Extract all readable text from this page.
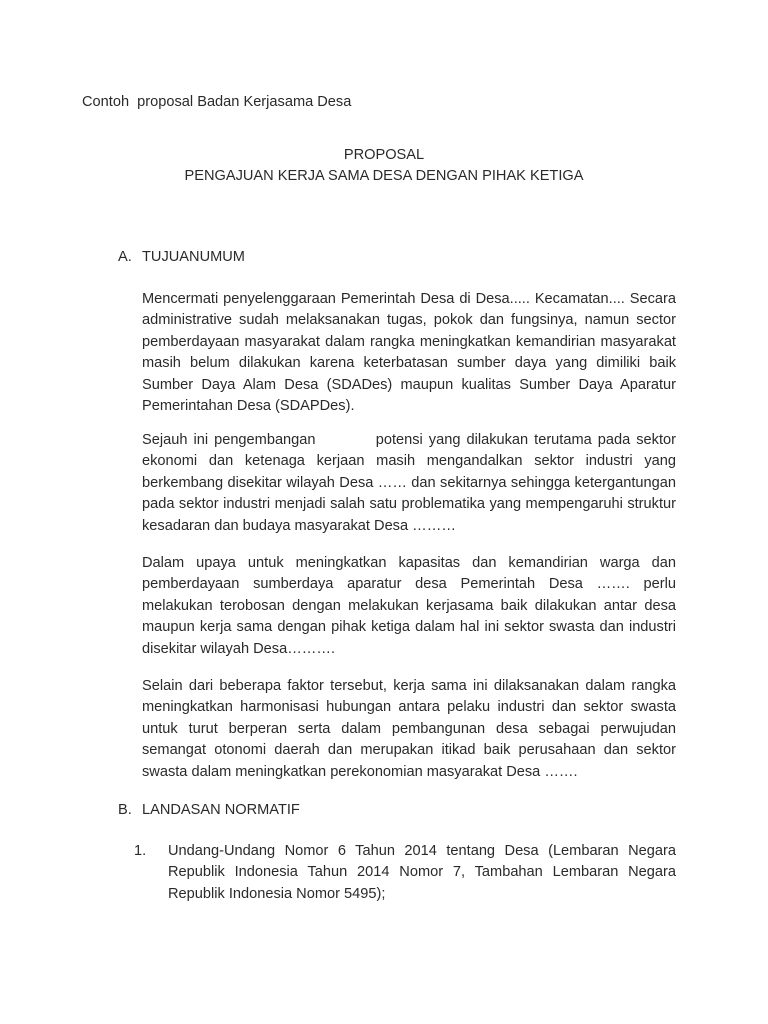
Contoh  proposal Badan Kerjasama Desa
PROPOSAL
PENGAJUAN KERJA SAMA DESA DENGAN PIHAK KETIGA
A. TUJUANUMUM
Mencermati penyelenggaraan Pemerintah Desa di Desa..... Kecamatan.... Secara administrative sudah melaksanakan tugas, pokok dan fungsinya, namun sector pemberdayaan masyarakat dalam rangka meningkatkan kemandirian masyarakat masih belum dilakukan karena keterbatasan sumber daya yang dimiliki baik Sumber Daya Alam Desa (SDADes) maupun kualitas Sumber Daya Aparatur Pemerintahan Desa (SDAPDes).
Sejauh ini pengembangan          potensi yang dilakukan terutama pada sektor ekonomi dan ketenaga kerjaan masih mengandalkan sektor industri yang berkembang disekitar wilayah Desa …… dan sekitarnya sehingga ketergantungan pada sektor industri menjadi salah satu problematika yang mempengaruhi struktur kesadaran dan budaya masyarakat Desa ………
Dalam upaya untuk meningkatkan kapasitas dan kemandirian warga dan pemberdayaan sumberdaya aparatur desa Pemerintah Desa ……. perlu melakukan terobosan dengan melakukan kerjasama baik dilakukan antar desa maupun kerja sama dengan pihak ketiga dalam hal ini sektor swasta dan industri disekitar wilayah Desa……….
Selain dari beberapa faktor tersebut, kerja sama ini dilaksanakan dalam rangka meningkatkan harmonisasi hubungan antara pelaku industri dan sektor swasta untuk turut berperan serta dalam pembangunan desa sebagai perwujudan semangat otonomi daerah dan merupakan itikad baik perusahaan dan sektor swasta dalam meningkatkan perekonomian masyarakat Desa …….
B. LANDASAN NORMATIF
1. Undang-Undang Nomor 6 Tahun 2014 tentang Desa (Lembaran Negara Republik Indonesia Tahun 2014 Nomor 7, Tambahan Lembaran Negara Republik Indonesia Nomor 5495);
